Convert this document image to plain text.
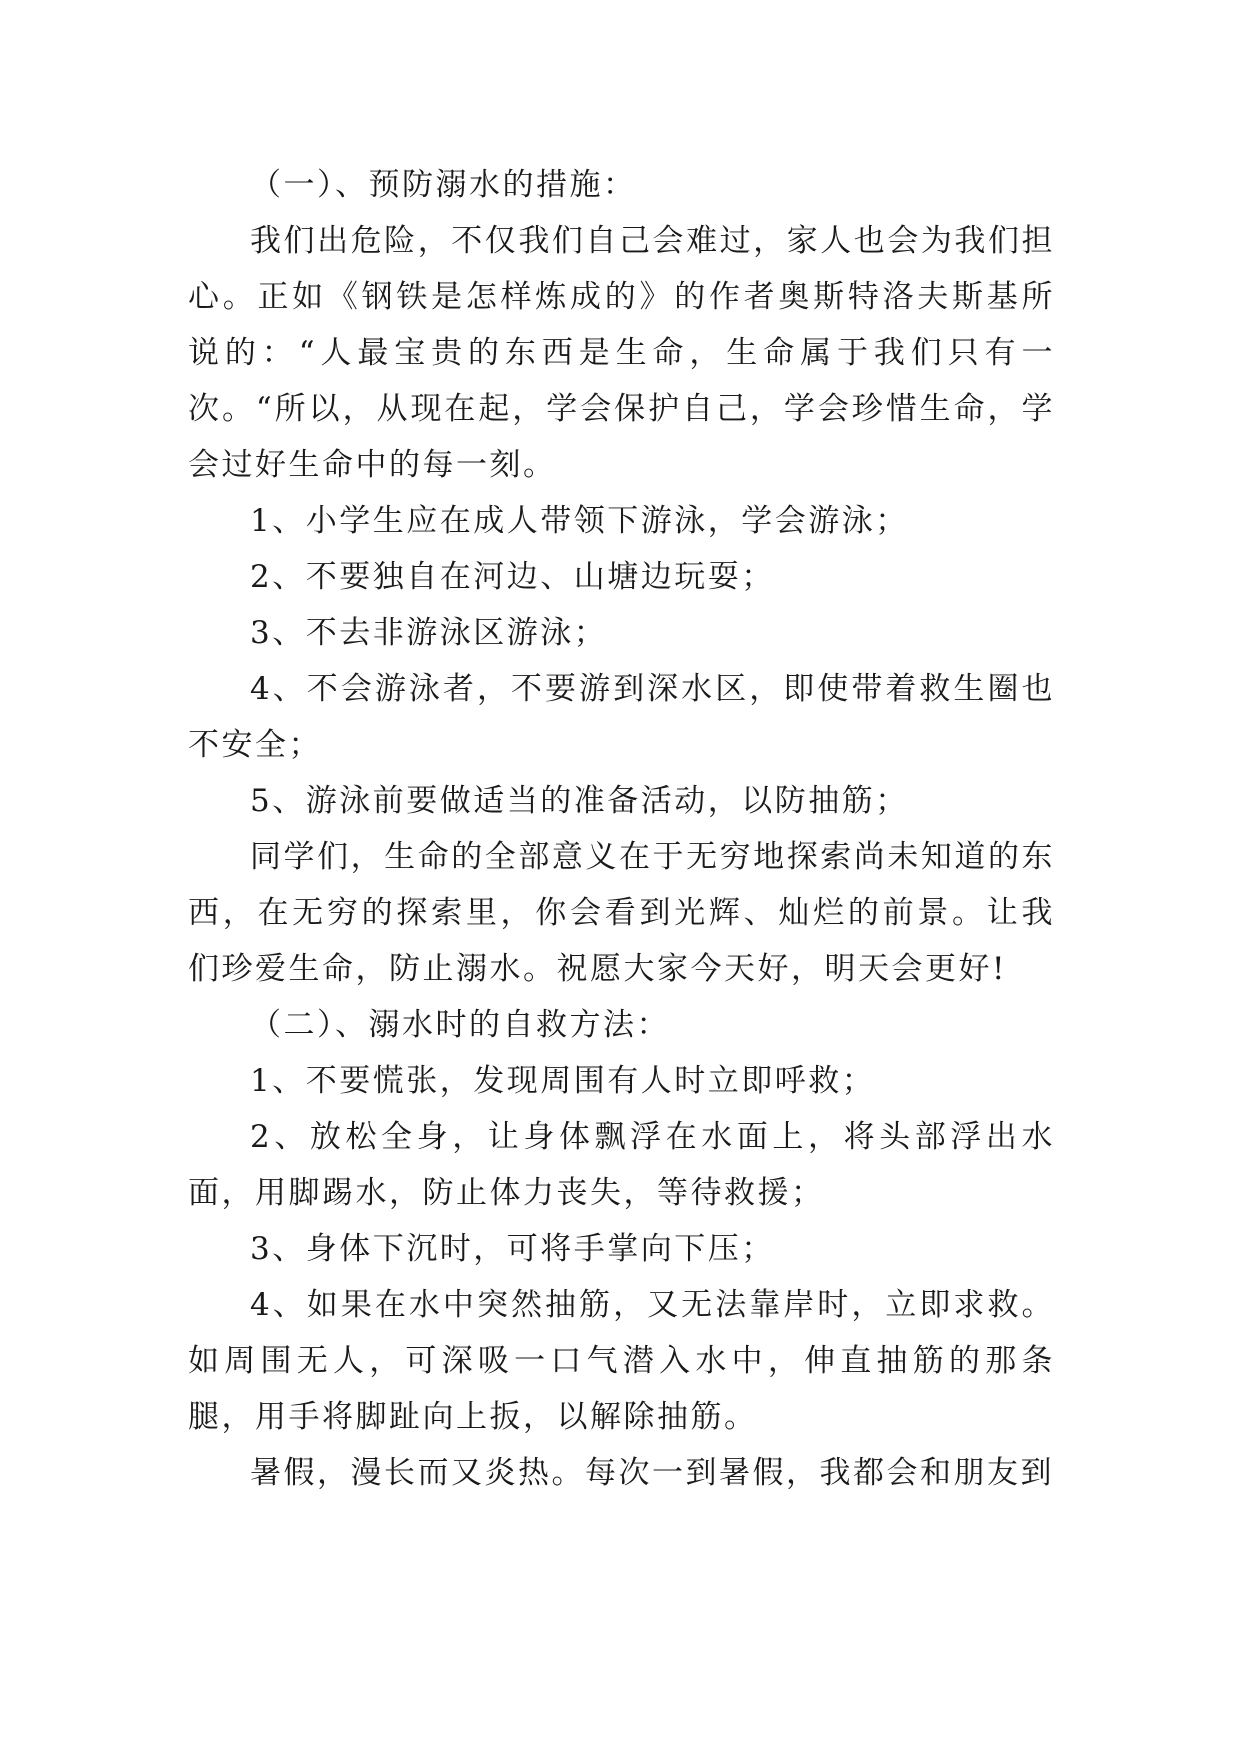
（一）、预防溺水的措施：

我们出危险，不仅我们自己会难过，家人也会为我们担心。正如《钢铁是怎样炼成的》的作者奥斯特洛夫斯基所说的：“人最宝贵的东西是生命，生命属于我们只有一次。“所以，从现在起，学会保护自己，学会珍惜生命，学会过好生命中的每一刻。

1、小学生应在成人带领下游泳，学会游泳；

2、不要独自在河边、山塘边玩耍；

3、不去非游泳区游泳；

4、不会游泳者，不要游到深水区，即使带着救生圈也不安全；

5、游泳前要做适当的准备活动，以防抽筋；

同学们，生命的全部意义在于无穷地探索尚未知道的东西，在无穷的探索里，你会看到光辉、灿烂的前景。让我们珍爱生命，防止溺水。祝愿大家今天好，明天会更好!

（二）、溺水时的自救方法：

1、不要慌张，发现周围有人时立即呼救；

2、放松全身，让身体飘浮在水面上，将头部浮出水面，用脚踢水，防止体力丧失，等待救援；

3、身体下沉时，可将手掌向下压；

4、如果在水中突然抽筋，又无法靠岸时，立即求救。如周围无人，可深吸一口气潜入水中，伸直抽筋的那条腿，用手将脚趾向上扳，以解除抽筋。

暑假，漫长而又炎热。每次一到暑假，我都会和朋友到
